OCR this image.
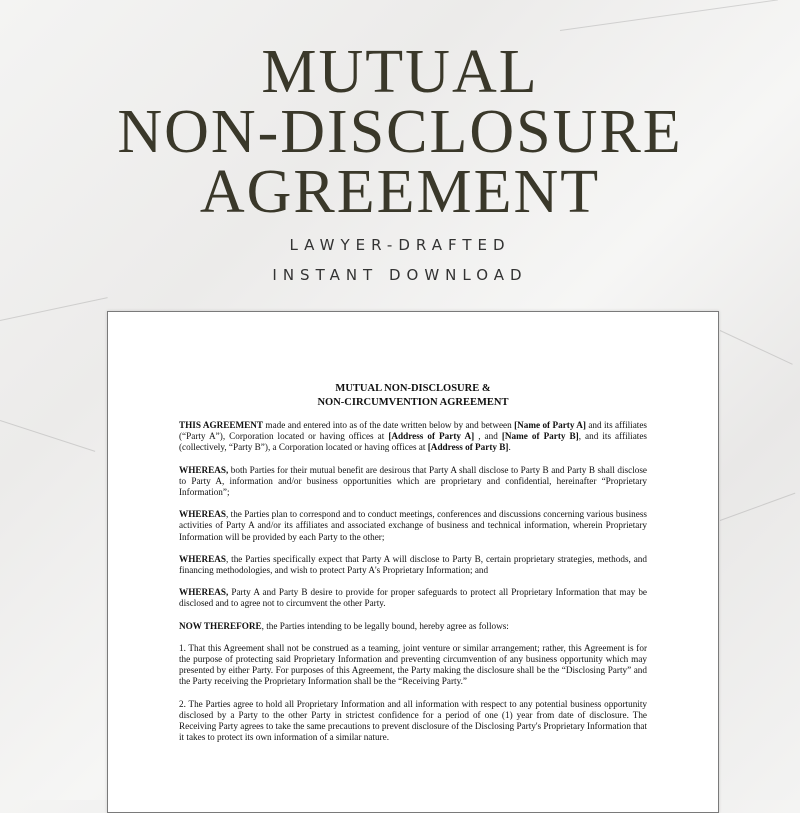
MUTUAL
NON-DISCLOSURE
AGREEMENT
LAWYER-DRAFTED
INSTANT DOWNLOAD
MUTUAL NON-DISCLOSURE &
NON-CIRCUMVENTION AGREEMENT

THIS AGREEMENT made and entered into as of the date written below by and between [Name of Party A] and its affiliates (“Party A”), Corporation located or having offices at [Address of Party A] , and [Name of Party B], and its affiliates (collectively, “Party B”), a Corporation located or having offices at [Address of Party B].

WHEREAS, both Parties for their mutual benefit are desirous that Party A shall disclose to Party B and Party B shall disclose to Party A, information and/or business opportunities which are proprietary and confidential, hereinafter “Proprietary Information”;

WHEREAS, the Parties plan to correspond and to conduct meetings, conferences and discussions concerning various business activities of Party A and/or its affiliates and associated exchange of business and technical information, wherein Proprietary Information will be provided by each Party to the other;

WHEREAS, the Parties specifically expect that Party A will disclose to Party B, certain proprietary strategies, methods, and financing methodologies, and wish to protect Party A's Proprietary Information; and

WHEREAS, Party A and Party B desire to provide for proper safeguards to protect all Proprietary Information that may be disclosed and to agree not to circumvent the other Party.

NOW THEREFORE, the Parties intending to be legally bound, hereby agree as follows:

1. That this Agreement shall not be construed as a teaming, joint venture or similar arrangement; rather, this Agreement is for the purpose of protecting said Proprietary Information and preventing circumvention of any business opportunity which may presented by either Party. For purposes of this Agreement, the Party making the disclosure shall be the “Disclosing Party” and the Party receiving the Proprietary Information shall be the “Receiving Party.”

2. The Parties agree to hold all Proprietary Information and all information with respect to any potential business opportunity disclosed by a Party to the other Party in strictest confidence for a period of one (1) year from date of disclosure. The Receiving Party agrees to take the same precautions to prevent disclosure of the Disclosing Party's Proprietary Information that it takes to protect its own information of a similar nature.
